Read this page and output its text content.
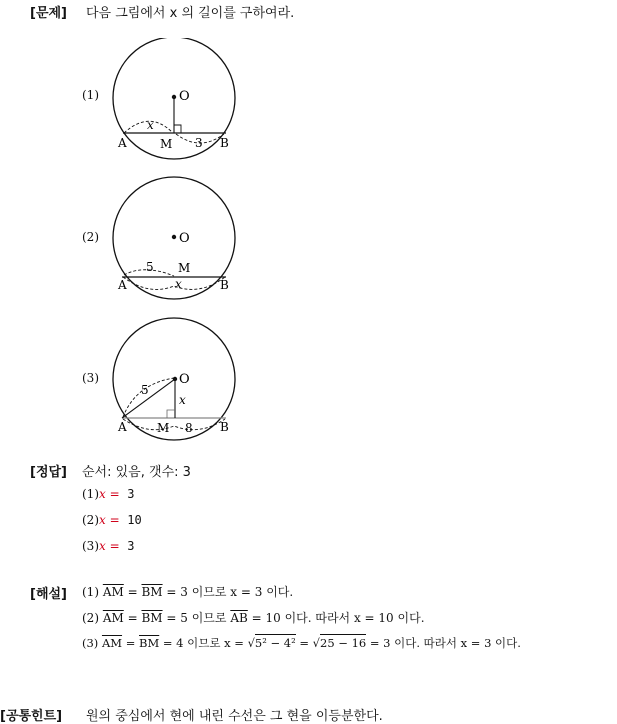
[문제] 다음 그림에서 x 의 길이를 구하여라.
(1)	O
x
A	B
M 3
(2)	O
5 M
A	B
x
(3)	O
5
x
A	M 8 B
[정답] 순서: 있음, 갯수: 3
(1)x = 3
(2)x = 10
(3)x = 3
[해설] (1) $\overline{AM} = \overline{BM} = 3$ 이므로 x = 3 이다.
(2) $\overline{AM} = \overline{BM} = 5$ 이므로 $\overline{AB} = 10$ 이다. 따라서 x = 10 이다.
(3) $\overline{AM} = \overline{BM} = 4$ 이므로 x = √5² − 4² = √25 − 16 = 3 이다. 따라서 x = 3 이다.
[공통힌트] 원의 중심에서 현에 내린 수선은 그 현을 이등분한다.
